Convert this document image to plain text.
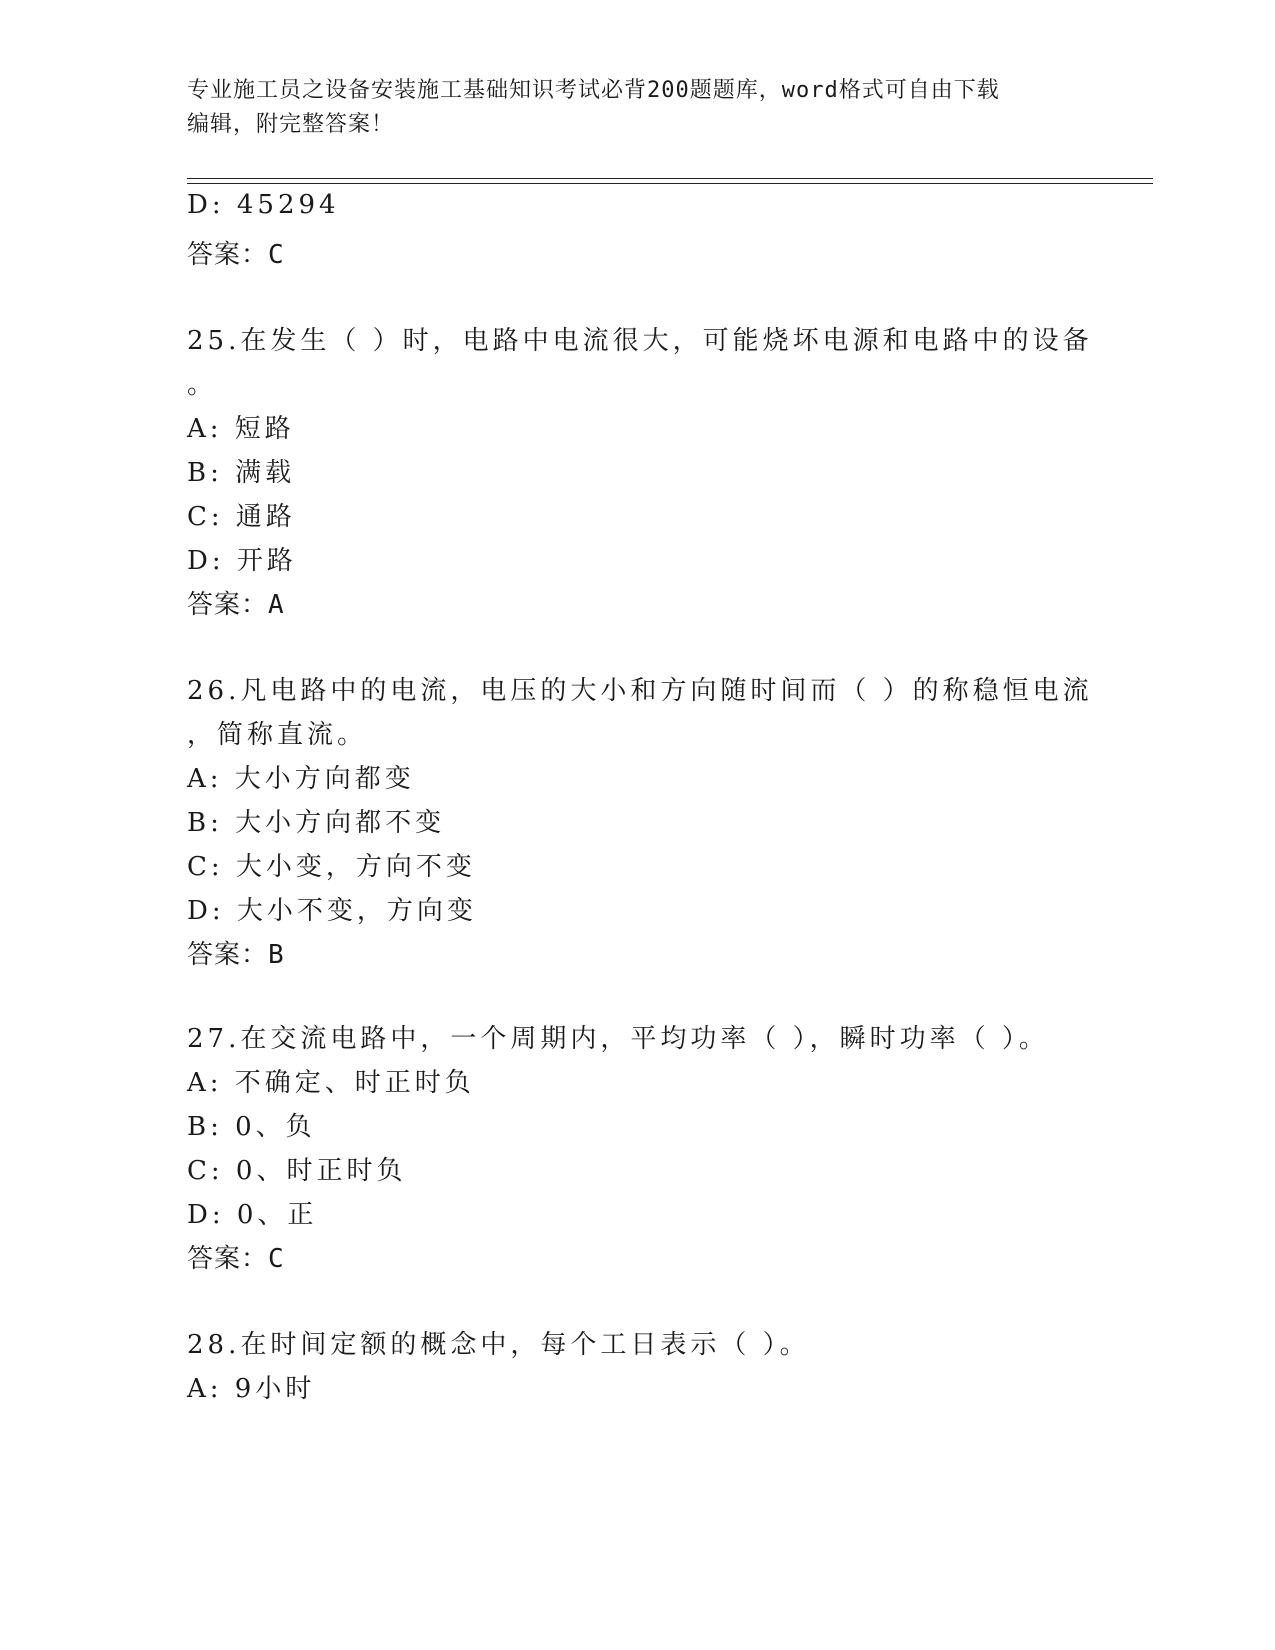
专业施工员之设备安装施工基础知识考试必背200题题库，word格式可自由下载
编辑，附完整答案！
D: 45294
答案：C
25.在发生（ ）时，电路中电流很大，可能烧坏电源和电路中的设备
。
A: 短路
B: 满载
C: 通路
D: 开路
答案：A
26.凡电路中的电流，电压的大小和方向随时间而（ ）的称稳恒电流
，简称直流。
A: 大小方向都变
B: 大小方向都不变
C: 大小变，方向不变
D: 大小不变，方向变
答案：B
27.在交流电路中，一个周期内，平均功率（ ），瞬时功率（ ）。
A: 不确定、时正时负
B: 0、负
C: 0、时正时负
D: 0、正
答案：C
28.在时间定额的概念中，每个工日表示（ ）。
A: 9小时
